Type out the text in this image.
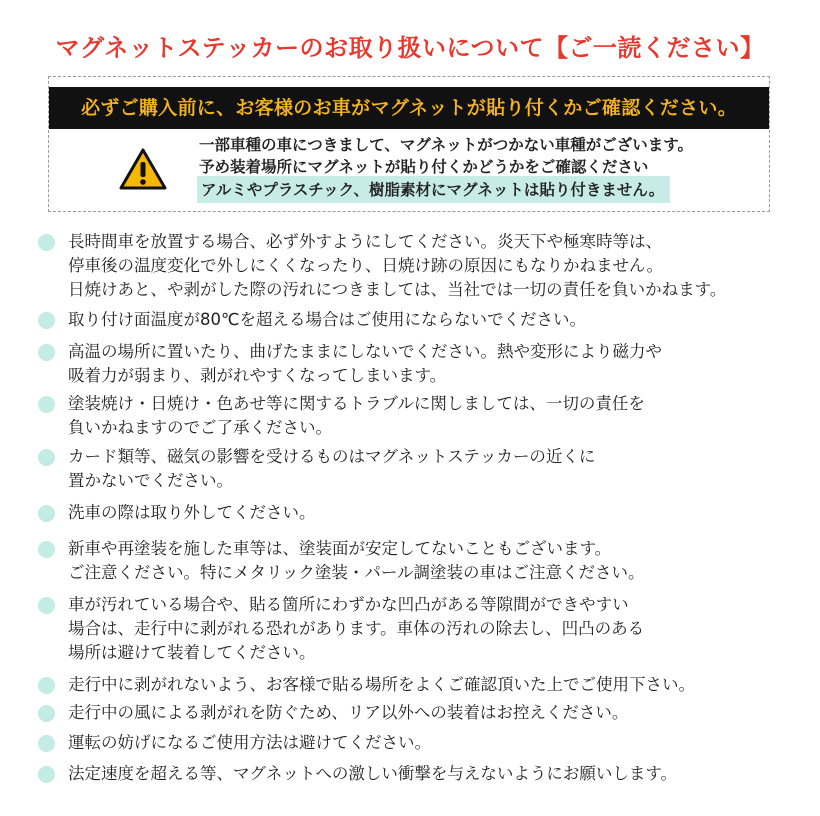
マグネットステッカーのお取り扱いについて【ご一読ください】
必ずご購入前に、お客様のお車がマグネットが貼り付くかご確認ください。
一部車種の車につきまして、マグネットがつかない車種がございます。
予め装着場所にマグネットが貼り付くかどうかをご確認ください
アルミやプラスチック、樹脂素材にマグネットは貼り付きません。
長時間車を放置する場合、必ず外すようにしてください。炎天下や極寒時等は、
停車後の温度変化で外しにくくなったり、日焼け跡の原因にもなりかねません。
日焼けあと、や剥がした際の汚れにつきましては、当社では一切の責任を負いかねます。
取り付け面温度が80℃を超える場合はご使用にならないでください。
高温の場所に置いたり、曲げたままにしないでください。熱や変形により磁力や
吸着力が弱まり、剥がれやすくなってしまいます。
塗装焼け・日焼け・色あせ等に関するトラブルに関しましては、一切の責任を
負いかねますのでご了承ください。
カード類等、磁気の影響を受けるものはマグネットステッカーの近くに
置かないでください。
洗車の際は取り外してください。
新車や再塗装を施した車等は、塗装面が安定してないこともございます。
ご注意ください。特にメタリック塗装・パール調塗装の車はご注意ください。
車が汚れている場合や、貼る箇所にわずかな凹凸がある等隙間ができやすい
場合は、走行中に剥がれる恐れがあります。車体の汚れの除去し、凹凸のある
場所は避けて装着してください。
走行中に剥がれないよう、お客様で貼る場所をよくご確認頂いた上でご使用下さい。
走行中の風による剥がれを防ぐため、リア以外への装着はお控えください。
運転の妨げになるご使用方法は避けてください。
法定速度を超える等、マグネットへの激しい衝撃を与えないようにお願いします。
